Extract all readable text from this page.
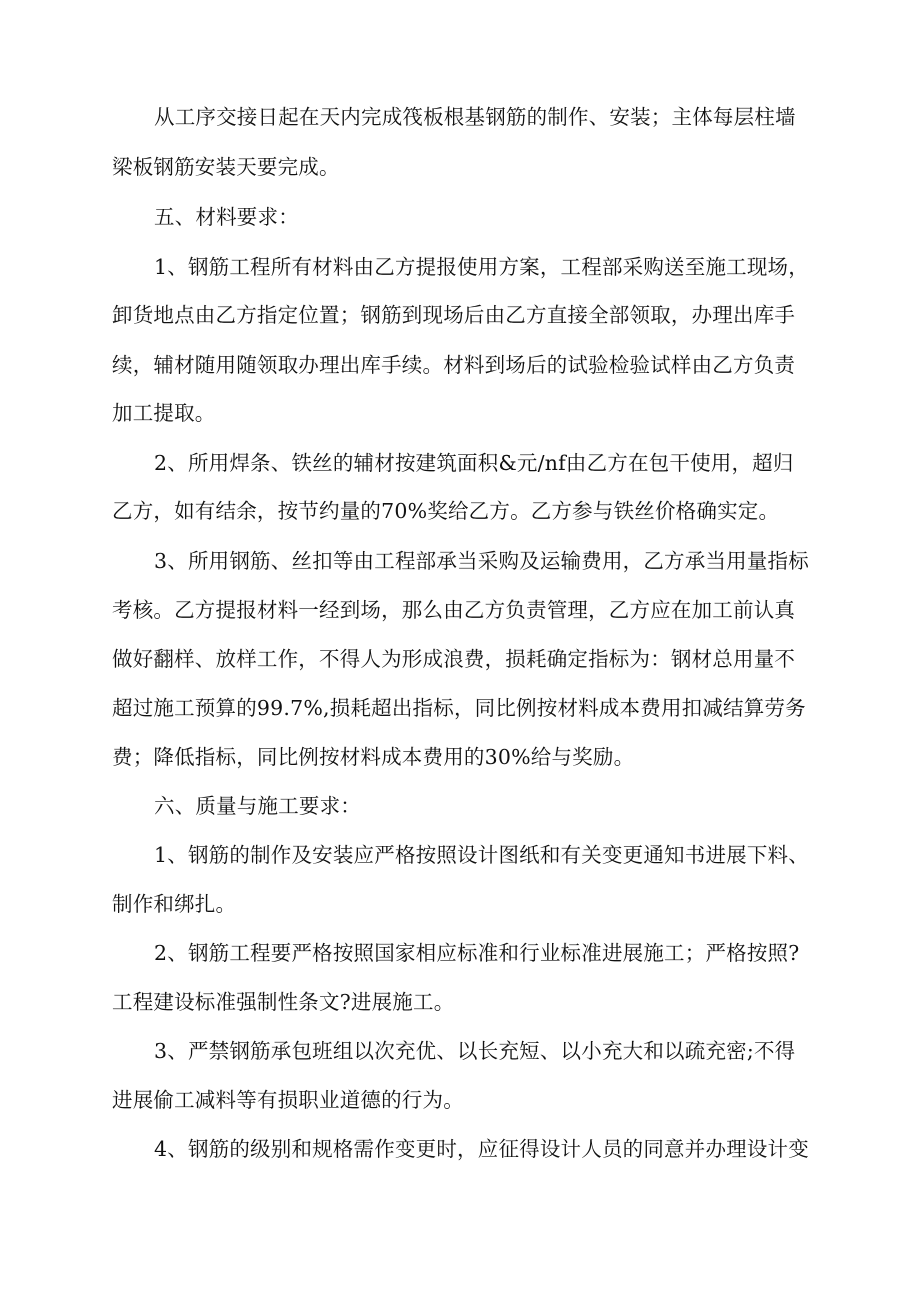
从工序交接日起在天内完成筏板根基钢筋的制作、安装；主体每层柱墙
梁板钢筋安装天要完成。
五、材料要求：
1、钢筋工程所有材料由乙方提报使用方案，工程部采购送至施工现场，
卸货地点由乙方指定位置；钢筋到现场后由乙方直接全部领取，办理出库手
续，辅材随用随领取办理出库手续。材料到场后的试验检验试样由乙方负责
加工提取。
2、所用焊条、铁丝的辅材按建筑面积&元/nf由乙方在包干使用，超归
乙方，如有结余，按节约量的70%奖给乙方。乙方参与铁丝价格确实定。
3、所用钢筋、丝扣等由工程部承当采购及运输费用，乙方承当用量指标
考核。乙方提报材料一经到场，那么由乙方负责管理，乙方应在加工前认真
做好翻样、放样工作，不得人为形成浪费，损耗确定指标为：钢材总用量不
超过施工预算的99.7%,损耗超出指标，同比例按材料成本费用扣减结算劳务
费；降低指标，同比例按材料成本费用的30%给与奖励。
六、质量与施工要求：
1、钢筋的制作及安装应严格按照设计图纸和有关变更通知书进展下料、
制作和绑扎。
2、钢筋工程要严格按照国家相应标准和行业标准进展施工；严格按照?
工程建设标准强制性条文?进展施工。
3、严禁钢筋承包班组以次充优、以长充短、以小充大和以疏充密;不得
进展偷工减料等有损职业道德的行为。
4、钢筋的级别和规格需作变更时，应征得设计人员的同意并办理设计变
